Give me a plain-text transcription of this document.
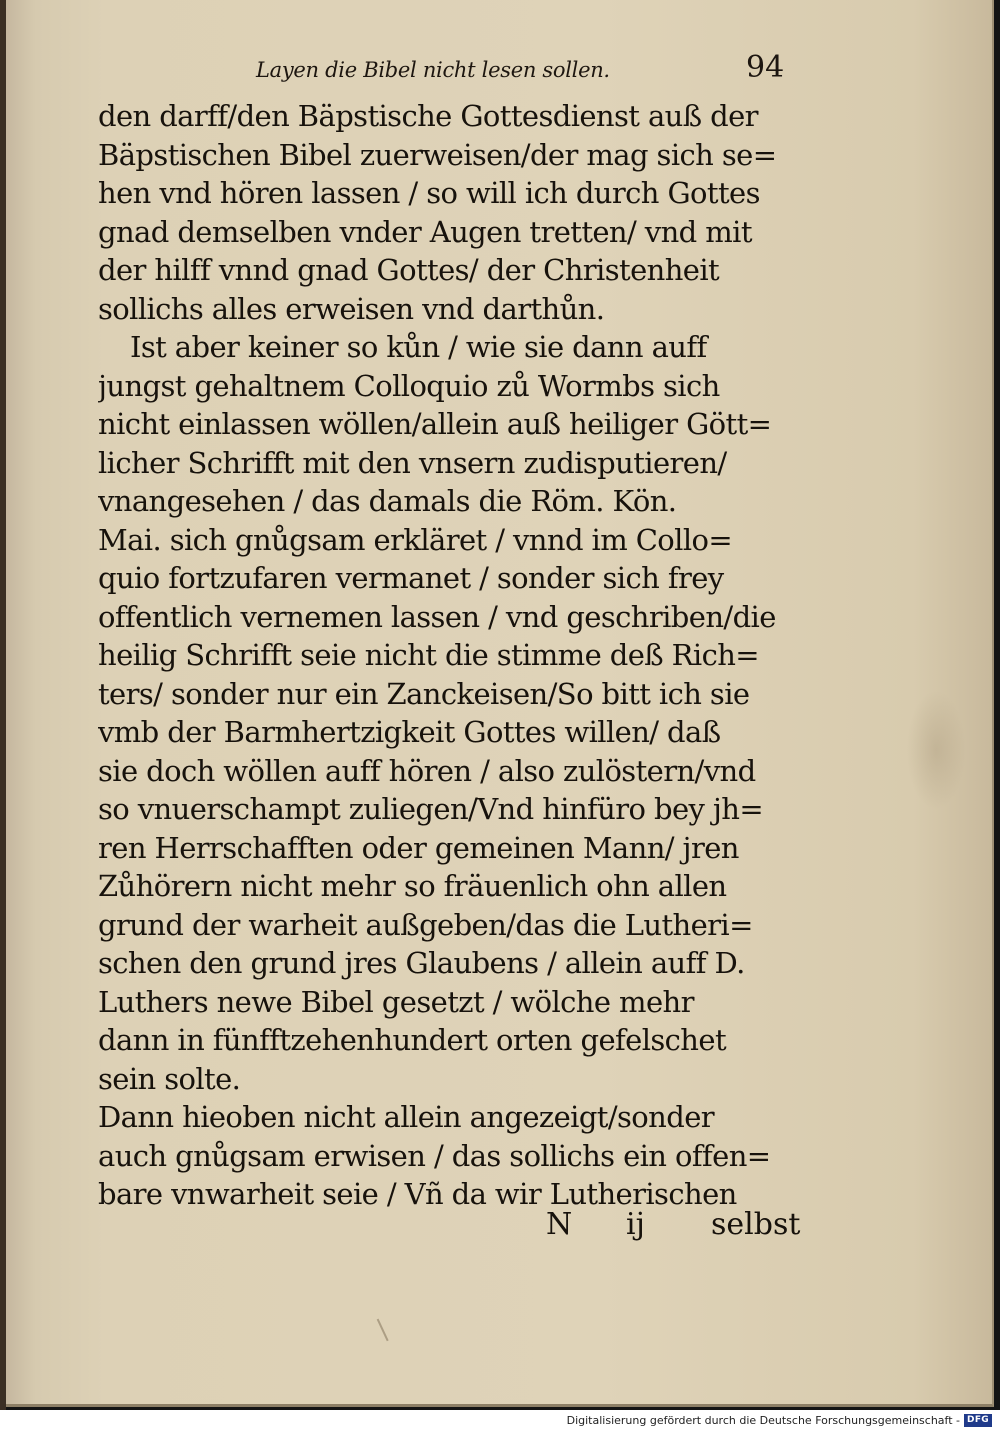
Layen die Bibel nicht lesen sollen.	94
den darff/den Bäpstische Gottesdienst auß der
Bäpstischen Bibel zuerweisen/der mag sich se=
hen vnd hören lassen / so will ich durch Gottes
gnad demselben vnder Augen tretten/ vnd mit
der hilff vnnd gnad Gottes/ der Christenheit
sollichs alles erweisen vnd darthůn.
Ist aber keiner so kůn / wie sie dann auff
jungst gehaltnem Colloquio zů Wormbs sich
nicht einlassen wöllen/allein auß heiliger Gött=
licher Schrifft mit den vnsern zudisputieren/
vnangesehen / das damals die Röm. Kön.
Mai. sich gnůgsam erkläret / vnnd im Collo=
quio fortzufaren vermanet / sonder sich frey
offentlich vernemen lassen / vnd geschriben/die
heilig Schrifft seie nicht die stimme deß Rich=
ters/ sonder nur ein Zanckeisen/So bitt ich sie
vmb der Barmhertzigkeit Gottes willen/ daß
sie doch wöllen auff hören / also zulöstern/vnd
so vnuerschampt zuliegen/Vnd hinfüro bey jh=
ren Herrschafften oder gemeinen Mann/ jren
Zůhörern nicht mehr so fräuenlich ohn allen
grund der warheit außgeben/das die Lutheri=
schen den grund jres Glaubens / allein auff D.
Luthers newe Bibel gesetzt / wölche mehr
dann in fünfftzehenhundert orten gefelschet
sein solte.
Dann hieoben nicht allein angezeigt/sonder
auch gnůgsam erwisen / das sollichs ein offen=
bare vnwarheit seie / Vñ da wir Lutherischen
N ij selbst
Digitalisierung gefördert durch die Deutsche Forschungsgemeinschaft - DFG
